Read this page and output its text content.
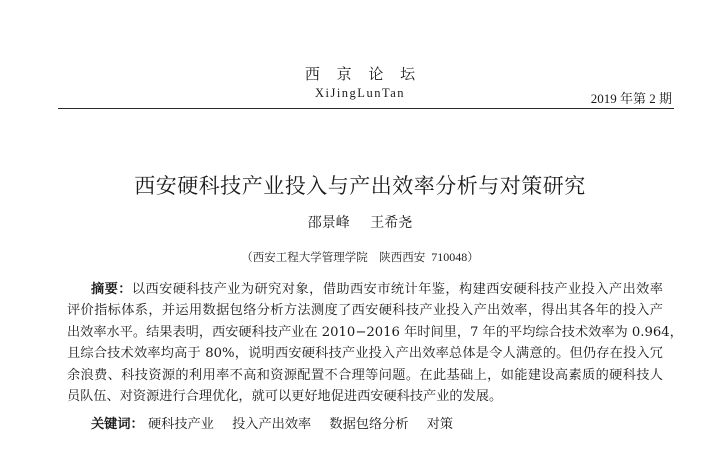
西 京 论 坛
XiJingLunTan	2019 年第 2 期
西安硬科技产业投入与产出效率分析与对策研究
邵景峰 王希尧
（西安工程大学管理学院　陕西西安 710048）
摘要：以西安硬科技产业为研究对象，借助西安市统计年鉴，构建西安硬科技产业投入产出效率
评价指标体系，并运用数据包络分析方法测度了西安硬科技产业投入产出效率，得出其各年的投入产
出效率水平。结果表明，西安硬科技产业在 2010−2016 年时间里，7 年的平均综合技术效率为 0.964，
且综合技术效率均高于 80%，说明西安硬科技产业投入产出效率总体是令人满意的。但仍存在投入冗
余浪费、科技资源的利用率不高和资源配置不合理等问题。在此基础上，如能建设高素质的硬科技人
员队伍、对资源进行合理优化，就可以更好地促进西安硬科技产业的发展。
关键词： 硬科技产业 投入产出效率 数据包络分析 对策
